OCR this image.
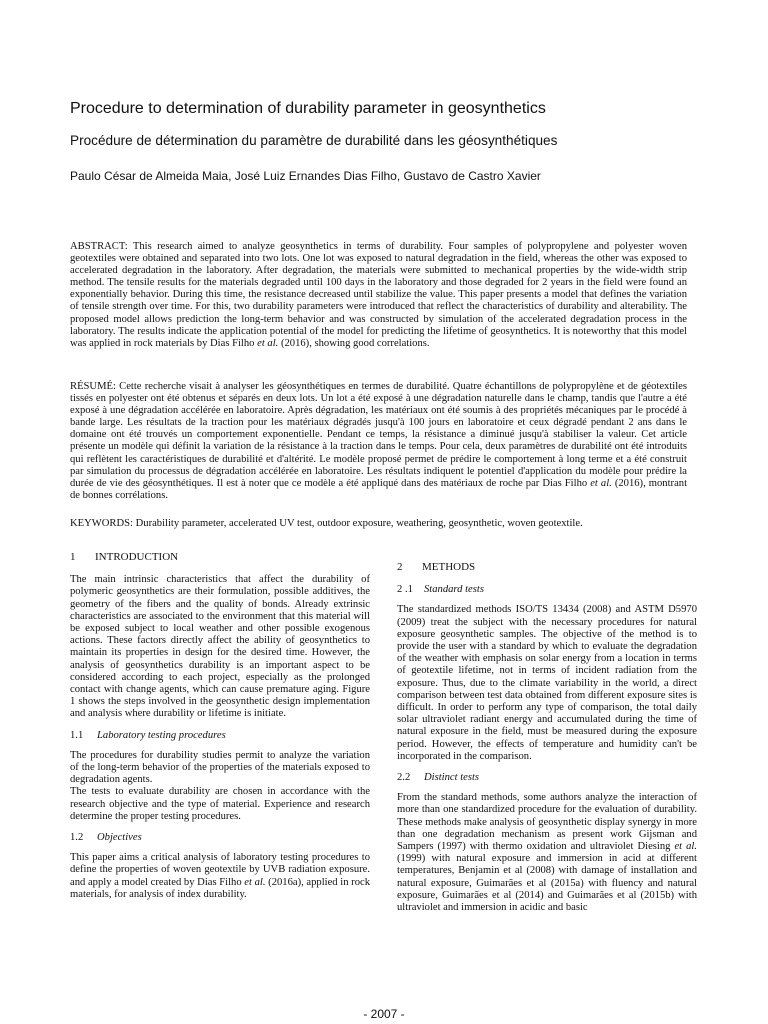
Procedure to determination of durability parameter in geosynthetics
Procédure de détermination du paramètre de durabilité dans les géosynthétiques

Paulo César de Almeida Maia, José Luiz Ernandes Dias Filho, Gustavo de Castro Xavier

ABSTRACT: This research aimed to analyze geosynthetics in terms of durability. Four samples of polypropylene and polyester woven geotextiles were obtained and separated into two lots. One lot was exposed to natural degradation in the field, whereas the other was exposed to accelerated degradation in the laboratory. After degradation, the materials were submitted to mechanical properties by the wide-width strip method. The tensile results for the materials degraded until 100 days in the laboratory and those degraded for 2 years in the field were found an exponentially behavior. During this time, the resistance decreased until stabilize the value. This paper presents a model that defines the variation of tensile strength over time. For this, two durability parameters were introduced that reflect the characteristics of durability and alterability. The proposed model allows prediction the long-term behavior and was constructed by simulation of the accelerated degradation process in the laboratory. The results indicate the application potential of the model for predicting the lifetime of geosynthetics. It is noteworthy that this model was applied in rock materials by Dias Filho et al. (2016), showing good correlations.

RÉSUMÉ: Cette recherche visait à analyser les géosynthétiques en termes de durabilité. Quatre échantillons de polypropylène et de géotextiles tissés en polyester ont été obtenus et séparés en deux lots. Un lot a été exposé à une dégradation naturelle dans le champ, tandis que l'autre a été exposé à une dégradation accélérée en laboratoire. Après dégradation, les matériaux ont été soumis à des propriétés mécaniques par le procédé à bande large. Les résultats de la traction pour les matériaux dégradés jusqu'à 100 jours en laboratoire et ceux dégradé pendant 2 ans dans le domaine ont été trouvés un comportement exponentielle. Pendant ce temps, la résistance a diminué jusqu'à stabiliser la valeur. Cet article présente un modèle qui définit la variation de la résistance à la traction dans le temps. Pour cela, deux paramètres de durabilité ont été introduits qui reflètent les caractéristiques de durabilité et d'altérité. Le modèle proposé permet de prédire le comportement à long terme et a été construit par simulation du processus de dégradation accélérée en laboratoire. Les résultats indiquent le potentiel d'application du modèle pour prédire la durée de vie des géosynthétiques. Il est à noter que ce modèle a été appliqué dans des matériaux de roche par Dias Filho et al. (2016), montrant de bonnes corrélations.

KEYWORDS: Durability parameter, accelerated UV test, outdoor exposure, weathering, geosynthetic, woven geotextile.

1 INTRODUCTION

The main intrinsic characteristics that affect the durability of polymeric geosynthetics are their formulation, possible additives, the geometry of the fibers and the quality of bonds. Already extrinsic characteristics are associated to the environment that this material will be exposed subject to local weather and other possible exogenous actions. These factors directly affect the ability of geosynthetics to maintain its properties in design for the desired time. However, the analysis of geosynthetics durability is an important aspect to be considered according to each project, especially as the prolonged contact with change agents, which can cause premature aging. Figure 1 shows the steps involved in the geosynthetic design implementation and analysis where durability or lifetime is initiate.

1.1 Laboratory testing procedures

The procedures for durability studies permit to analyze the variation of the long-term behavior of the properties of the materials exposed to degradation agents.

The tests to evaluate durability are chosen in accordance with the research objective and the type of material. Experience and research determine the proper testing procedures.

1.2 Objectives

This paper aims a critical analysis of laboratory testing procedures to define the properties of woven geotextile by UVB radiation exposure. and apply a model created by Dias Filho et al. (2016a), applied in rock materials, for analysis of index durability.

2 METHODS
2 .1 Standard tests

The standardized methods ISO/TS 13434 (2008) and ASTM D5970 (2009) treat the subject with the necessary procedures for natural exposure geosynthetic samples. The objective of the method is to provide the user with a standard by which to evaluate the degradation of the weather with emphasis on solar energy from a location in terms of geotextile lifetime, not in terms of incident radiation from the exposure. Thus, due to the climate variability in the world, a direct comparison between test data obtained from different exposure sites is difficult. In order to perform any type of comparison, the total daily solar ultraviolet radiant energy and accumulated during the time of natural exposure in the field, must be measured during the exposure period. However, the effects of temperature and humidity can't be incorporated in the comparison.

2.2 Distinct tests

From the standard methods, some authors analyze the interaction of more than one standardized procedure for the evaluation of durability. These methods make analysis of geosynthetic display synergy in more than one degradation mechanism as present work Gijsman and Sampers (1997) with thermo oxidation and ultraviolet Diesing et al. (1999) with natural exposure and immersion in acid at different temperatures, Benjamin et al (2008) with damage of installation and natural exposure, Guimarães et al (2015a) with fluency and natural exposure, Guimarães et al (2014) and Guimarães et al (2015b) with ultraviolet and immersion in acidic and basic

- 2007 -
